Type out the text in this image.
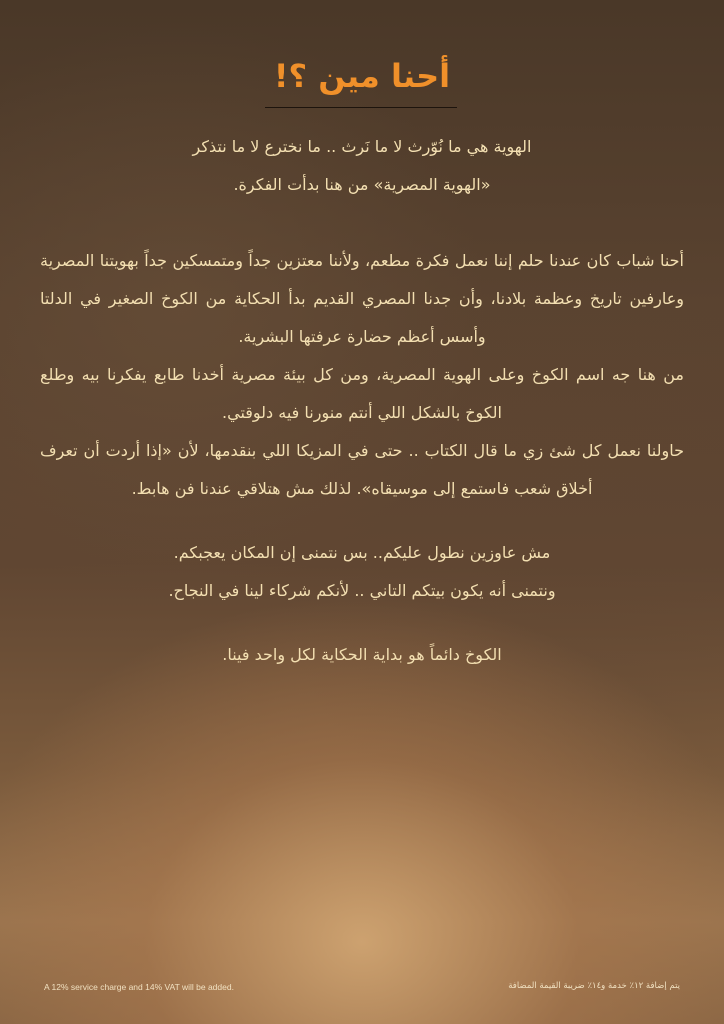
أحنا مين ؟!

الهوية هي ما نُوّرث لا ما نَرث .. ما نخترع لا ما نتذكر

«الهوية المصرية» من هنا بدأت الفكرة.

أحنا شباب كان عندنا حلم إننا نعمل فكرة مطعم، ولأننا معتزين جداً ومتمسكين جداً بهويتنا المصرية وعارفين تاريخ وعظمة بلادنا، وأن جدنا المصري القديم بدأ الحكاية من الكوخ الصغير في الدلتا وأسس أعظم حضارة عرفتها البشرية.

من هنا جه اسم الكوخ وعلى الهوية المصرية، ومن كل بيئة مصرية أخدنا طابع يفكرنا بيه وطلع الكوخ بالشكل اللي أنتم منورنا فيه دلوقتي.

حاولنا نعمل كل شئ زي ما قال الكتاب .. حتى في المزيكا اللي بنقدمها، لأن «إذا أردت أن تعرف أخلاق شعب فاستمع إلى موسيقاه». لذلك مش هتلاقي عندنا فن هابط.

مش عاوزين نطول عليكم.. بس نتمنى إن المكان يعجبكم.

ونتمنى أنه يكون بيتكم التاني .. لأنكم شركاء لينا في النجاح.

الكوخ دائماً هو بداية الحكاية لكل واحد فينا.

A 12% service charge and 14% VAT will be added.	يتم إضافة ١٢٪ خدمة و١٤٪ ضريبة القيمة المضافة
